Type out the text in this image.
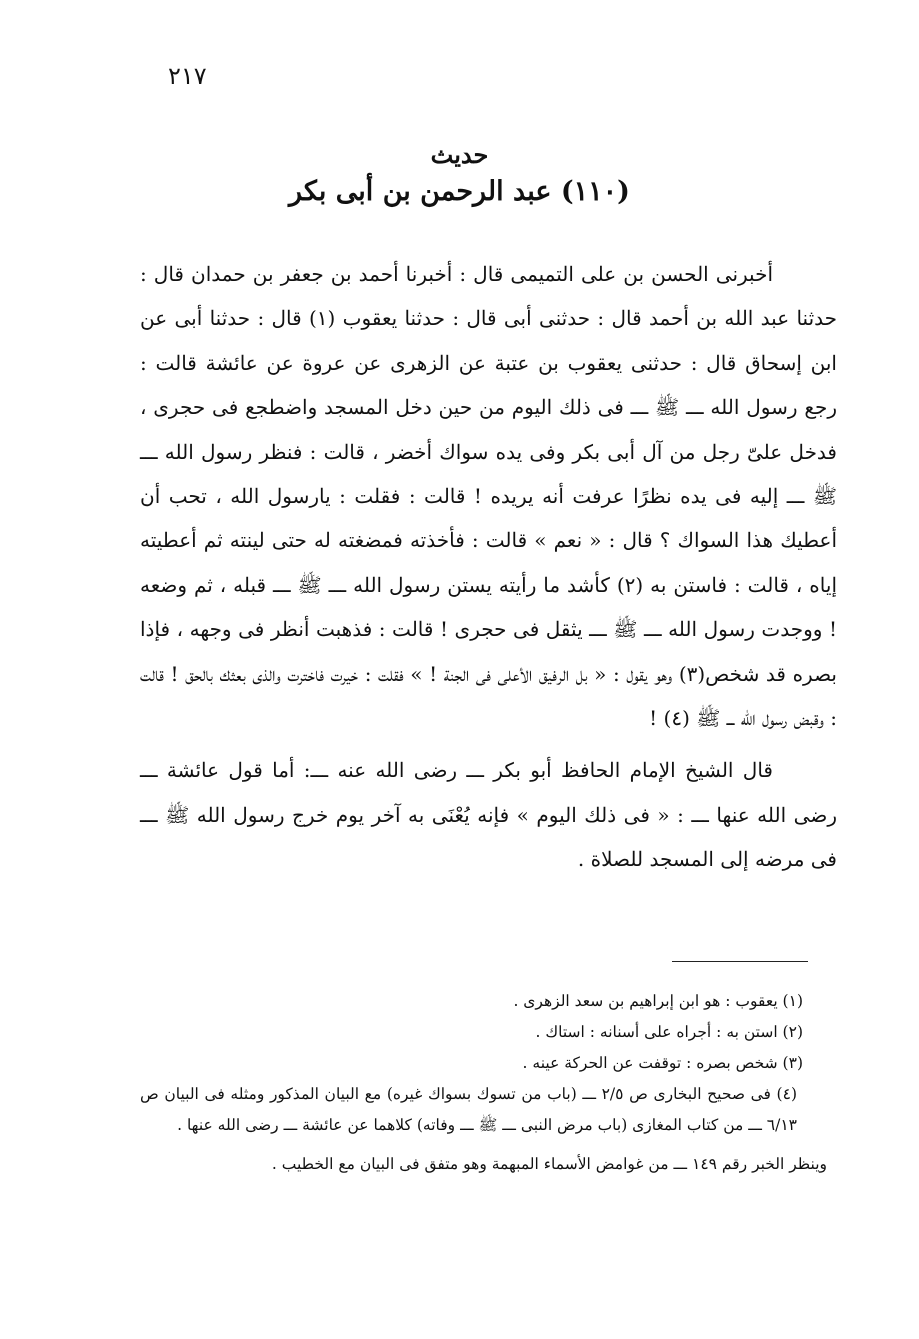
٢١٧
حديث
(١١٠) عبد الرحمن بن أبى بكر

أخبرنى الحسن بن على التميمى قال : أخبرنا أحمد بن جعفر بن حمدان قال : حدثنا عبد الله بن أحمد قال : حدثنى أبى قال : حدثنا يعقوب (١) قال : حدثنا أبى عن ابن إسحاق قال : حدثنى يعقوب بن عتبة عن الزهرى عن عروة عن عائشة قالت : رجع رسول الله ـــ ﷺ ـــ فى ذلك اليوم من حين دخل المسجد واضطجع فى حجرى ، فدخل علىّ رجل من آل أبى بكر وفى يده سواك أخضر ، قالت : فنظر رسول الله ـــ ﷺ ـــ إليه فى يده نظرًا عرفت أنه يريده ! قالت : فقلت : يارسول الله ، تحب أن أعطيك هذا السواك ؟ قال : « نعم » قالت : فأخذته فمضغته له حتى لينته ثم أعطيته إياه ، قالت : فاستن به (٢) كأشد ما رأيته يستن رسول الله ـــ ﷺ ـــ قبله ، ثم وضعه ! ووجدت رسول الله ـــ ﷺ ـــ يثقل فى حجرى ! قالت : فذهبت أنظر فى وجهه ، فإذا بصره قد شخص(٣) وهو يقول : « بل الرفيق الأعلى فى الجنة ! » فقلت : خيرت فاخترت والذى بعثك بالحق ! قالت : وقبض رسول الله ـــ ﷺ (٤) !

قال الشيخ الإمام الحافظ أبو بكر ـــ رضى الله عنه ـــ: أما قول عائشة ـــ رضى الله عنها ـــ : « فى ذلك اليوم » فإنه يُعْنَى به آخر يوم خرج رسول الله ﷺ ـــ فى مرضه إلى المسجد للصلاة .

(١) يعقوب : هو ابن إبراهيم بن سعد الزهرى .

(٢) استن به : أجراه على أسنانه : استاك .

(٣) شخص بصره : توقفت عن الحركة عينه .

(٤) فى صحيح البخارى ص ٢/٥ ـــ (باب من تسوك بسواك غيره) مع البيان المذكور ومثله فى البيان ص ٦/١٣ ـــ من كتاب المغازى (باب مرض النبى ـــ ﷺ ـــ وفاته) كلاهما عن عائشة ـــ رضى الله عنها .

وينظر الخبر رقم ١٤٩ ـــ من غوامض الأسماء المبهمة وهو متفق فى البيان مع الخطيب .
